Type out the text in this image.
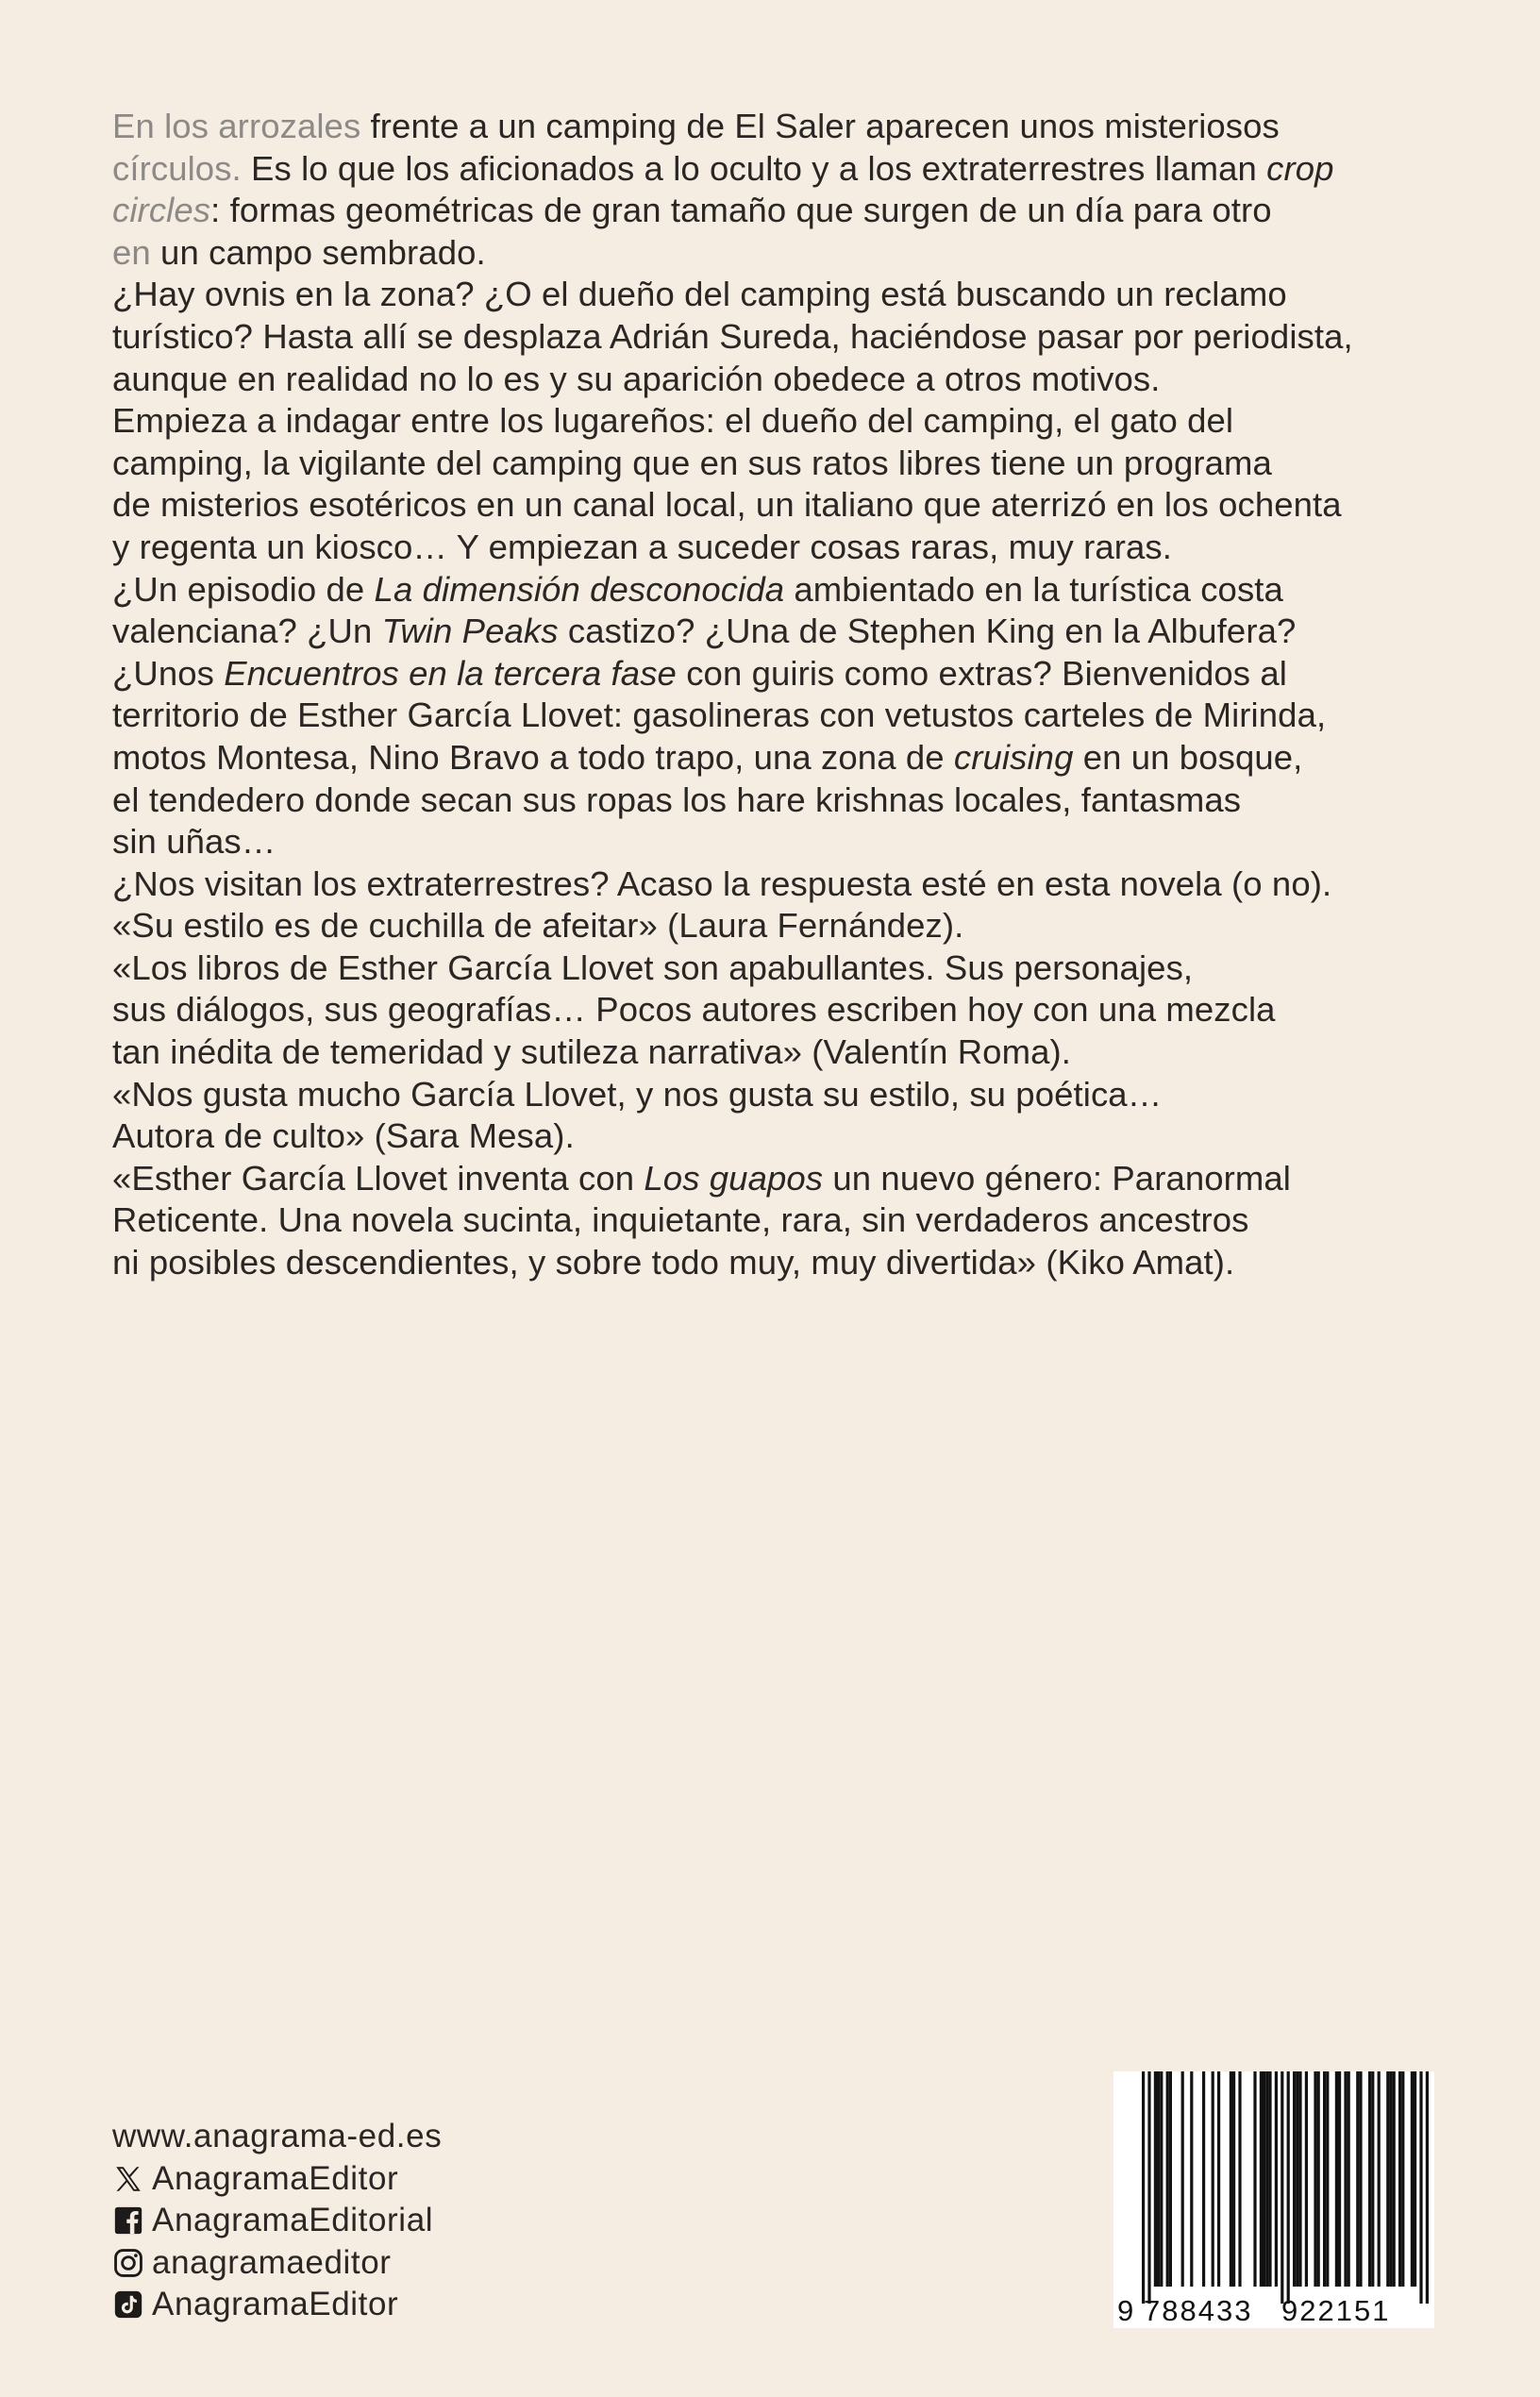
En los arrozales frente a un camping de El Saler aparecen unos misteriosos
círculos. Es lo que los aficionados a lo oculto y a los extraterrestres llaman crop
circles: formas geométricas de gran tamaño que surgen de un día para otro
en un campo sembrado.
¿Hay ovnis en la zona? ¿O el dueño del camping está buscando un reclamo
turístico? Hasta allí se desplaza Adrián Sureda, haciéndose pasar por periodista,
aunque en realidad no lo es y su aparición obedece a otros motivos.
Empieza a indagar entre los lugareños: el dueño del camping, el gato del
camping, la vigilante del camping que en sus ratos libres tiene un programa
de misterios esotéricos en un canal local, un italiano que aterrizó en los ochenta
y regenta un kiosco… Y empiezan a suceder cosas raras, muy raras.
¿Un episodio de La dimensión desconocida ambientado en la turística costa
valenciana? ¿Un Twin Peaks castizo? ¿Una de Stephen King en la Albufera?
¿Unos Encuentros en la tercera fase con guiris como extras? Bienvenidos al
territorio de Esther García Llovet: gasolineras con vetustos carteles de Mirinda,
motos Montesa, Nino Bravo a todo trapo, una zona de cruising en un bosque,
el tendedero donde secan sus ropas los hare krishnas locales, fantasmas
sin uñas…
¿Nos visitan los extraterrestres? Acaso la respuesta esté en esta novela (o no).
«Su estilo es de cuchilla de afeitar» (Laura Fernández).
«Los libros de Esther García Llovet son apabullantes. Sus personajes,
sus diálogos, sus geografías… Pocos autores escriben hoy con una mezcla
tan inédita de temeridad y sutileza narrativa» (Valentín Roma).
«Nos gusta mucho García Llovet, y nos gusta su estilo, su poética…
Autora de culto» (Sara Mesa).
«Esther García Llovet inventa con Los guapos un nuevo género: Paranormal
Reticente. Una novela sucinta, inquietante, rara, sin verdaderos ancestros
ni posibles descendientes, y sobre todo muy, muy divertida» (Kiko Amat).
www.anagrama-ed.es
AnagramaEditor
AnagramaEditorial
anagramaeditor
AnagramaEditor	9 788433 922151
